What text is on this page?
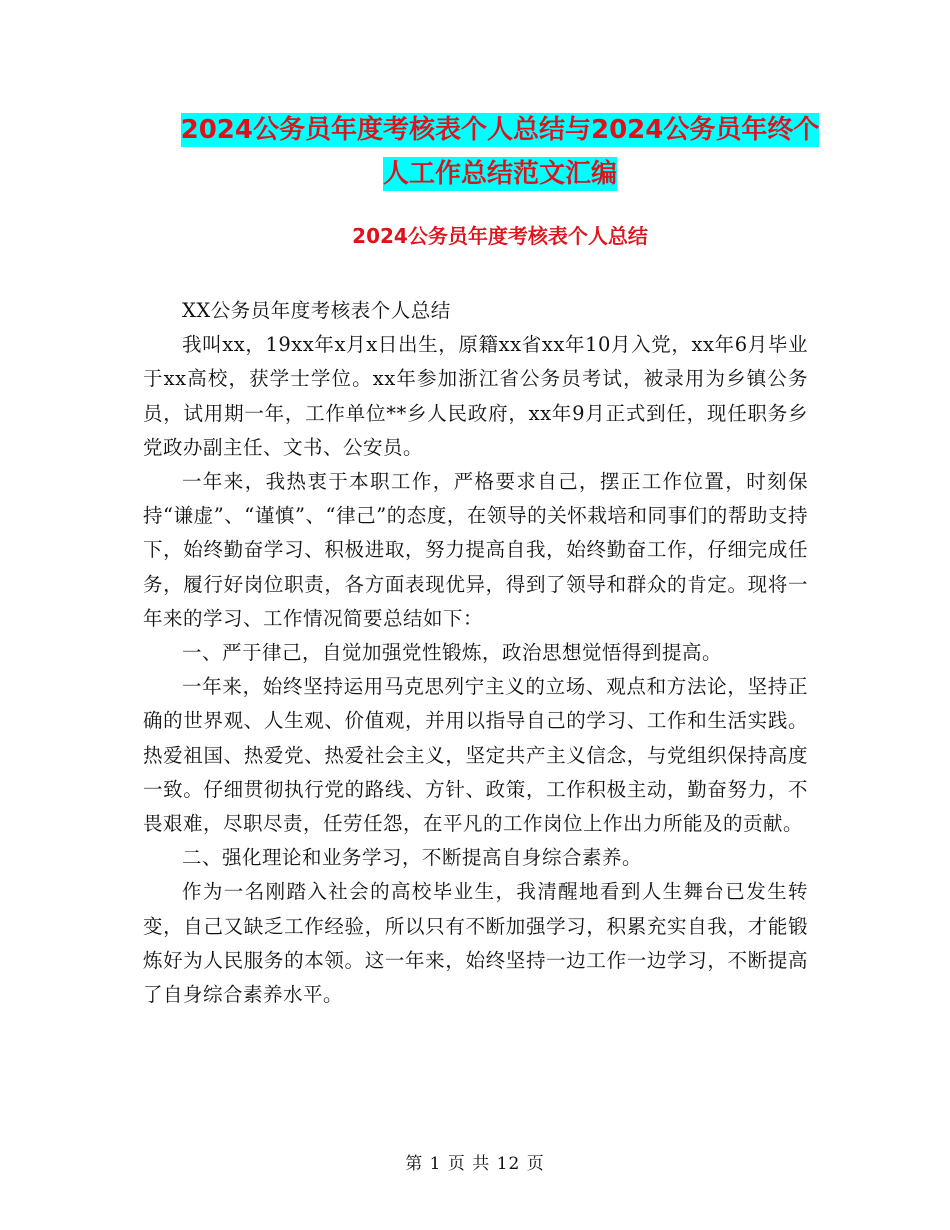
2024公务员年度考核表个人总结与2024公务员年终个
人工作总结范文汇编
2024公务员年度考核表个人总结

XX公务员年度考核表个人总结

我叫xx，19xx年x月x日出生，原籍xx省xx年10月入党，xx年6月毕业于xx高校，获学士学位。xx年参加浙江省公务员考试，被录用为乡镇公务员，试用期一年，工作单位**乡人民政府，xx年9月正式到任，现任职务乡党政办副主任、文书、公安员。

一年来，我热衷于本职工作，严格要求自己，摆正工作位置，时刻保持“谦虚”、“谨慎”、“律己”的态度，在领导的关怀栽培和同事们的帮助支持下，始终勤奋学习、积极进取，努力提高自我，始终勤奋工作，仔细完成任务，履行好岗位职责，各方面表现优异，得到了领导和群众的肯定。现将一年来的学习、工作情况简要总结如下：

一、严于律己，自觉加强党性锻炼，政治思想觉悟得到提高。

一年来，始终坚持运用马克思列宁主义的立场、观点和方法论，坚持正确的世界观、人生观、价值观，并用以指导自己的学习、工作和生活实践。热爱祖国、热爱党、热爱社会主义，坚定共产主义信念，与党组织保持高度一致。仔细贯彻执行党的路线、方针、政策，工作积极主动，勤奋努力，不畏艰难，尽职尽责，任劳任怨，在平凡的工作岗位上作出力所能及的贡献。

二、强化理论和业务学习，不断提高自身综合素养。

作为一名刚踏入社会的高校毕业生，我清醒地看到人生舞台已发生转变，自己又缺乏工作经验，所以只有不断加强学习，积累充实自我，才能锻炼好为人民服务的本领。这一年来，始终坚持一边工作一边学习，不断提高了自身综合素养水平。

第 1 页 共 12 页
